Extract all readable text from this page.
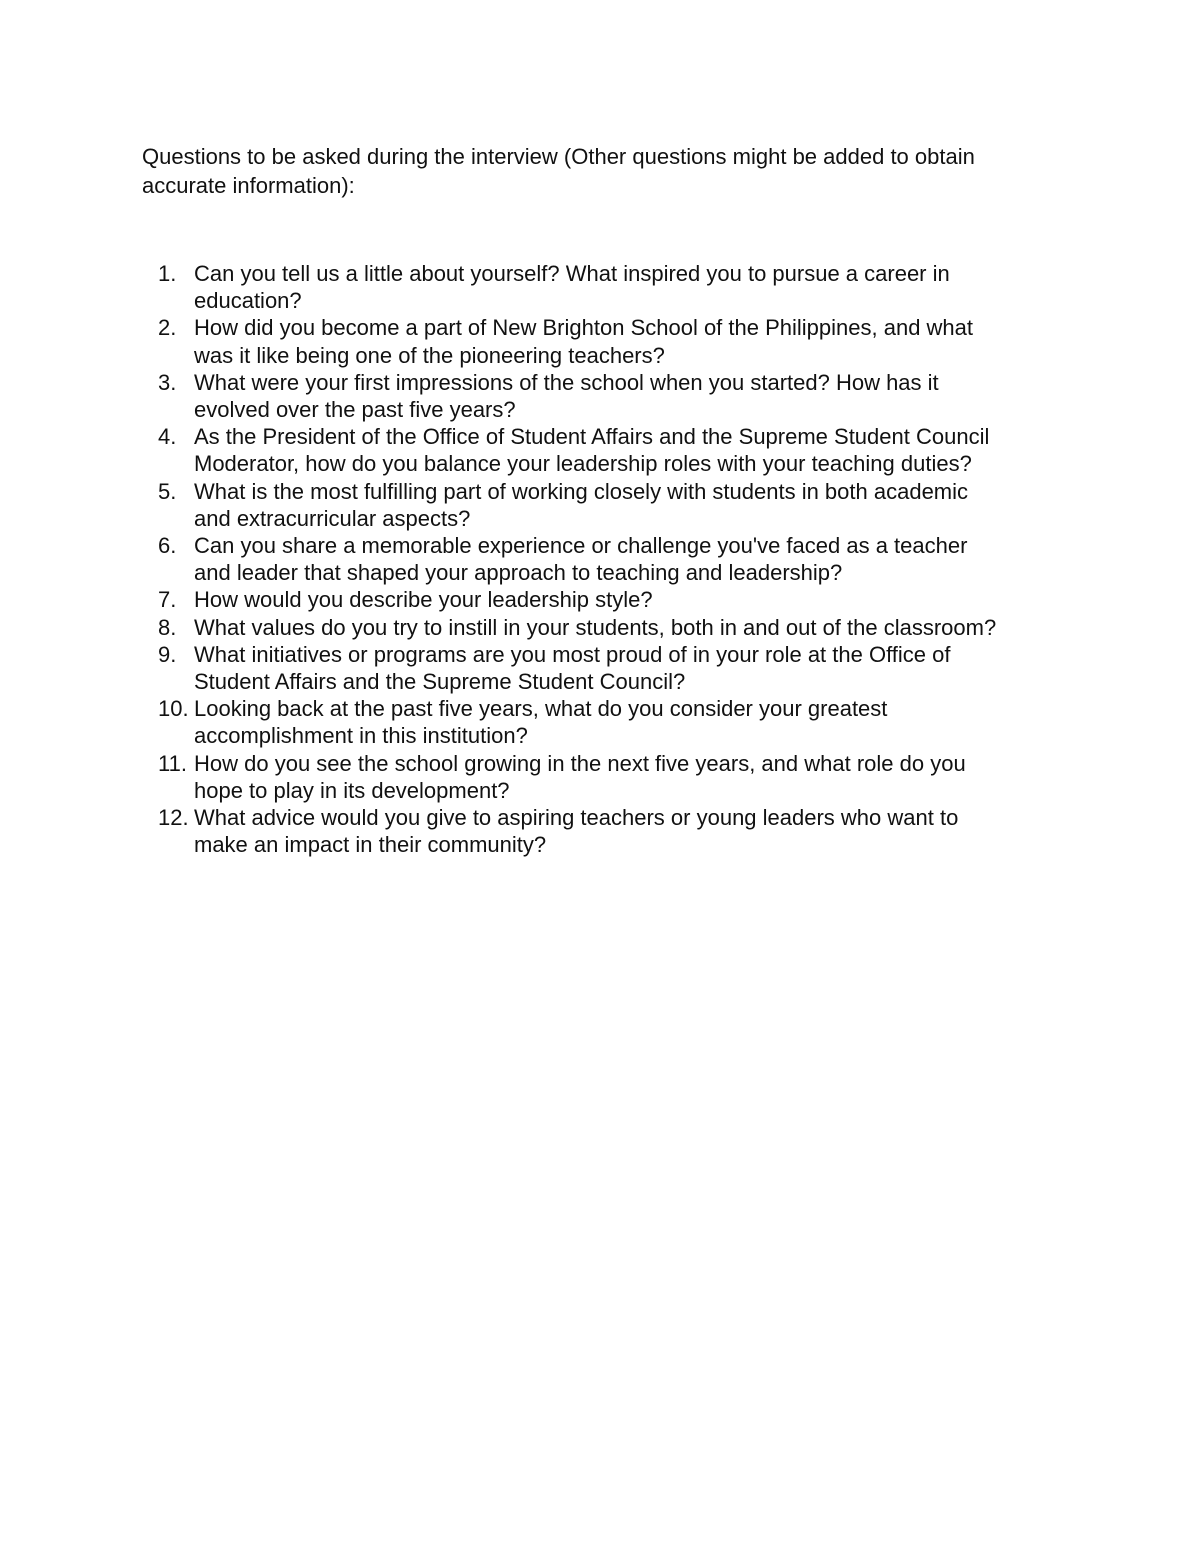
Questions to be asked during the interview (Other questions might be added to obtain accurate information):

1. Can you tell us a little about yourself? What inspired you to pursue a career in
education?
2. How did you become a part of New Brighton School of the Philippines, and what
was it like being one of the pioneering teachers?
3. What were your first impressions of the school when you started? How has it
evolved over the past five years?
4. As the President of the Office of Student Affairs and the Supreme Student Council
Moderator, how do you balance your leadership roles with your teaching duties?
5. What is the most fulfilling part of working closely with students in both academic
and extracurricular aspects?
6. Can you share a memorable experience or challenge you've faced as a teacher
and leader that shaped your approach to teaching and leadership?
7. How would you describe your leadership style?
8. What values do you try to instill in your students, both in and out of the classroom?
9. What initiatives or programs are you most proud of in your role at the Office of
Student Affairs and the Supreme Student Council?
10. Looking back at the past five years, what do you consider your greatest
accomplishment in this institution?
11. How do you see the school growing in the next five years, and what role do you
hope to play in its development?
12. What advice would you give to aspiring teachers or young leaders who want to
make an impact in their community?
